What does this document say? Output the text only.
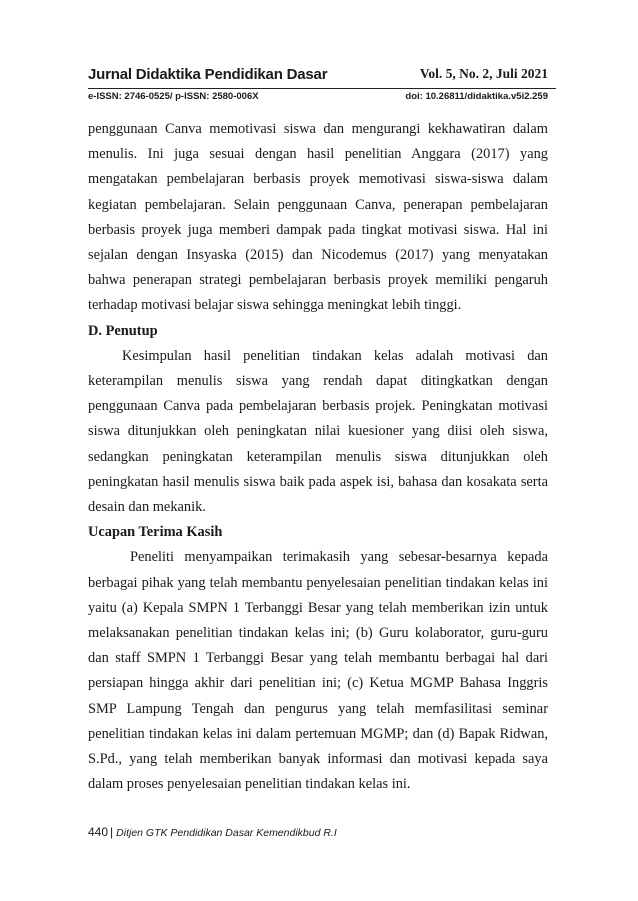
Jurnal Didaktika Pendidikan Dasar	Vol. 5, No. 2, Juli 2021
e-ISSN: 2746-0525/ p-ISSN: 2580-006X	doi: 10.26811/didaktika.v5i2.259

penggunaan Canva memotivasi siswa dan mengurangi kekhawatiran dalam menulis. Ini juga sesuai dengan hasil penelitian Anggara (2017) yang mengatakan pembelajaran berbasis proyek memotivasi siswa-siswa dalam kegiatan pembelajaran. Selain penggunaan Canva, penerapan pembelajaran berbasis proyek juga memberi dampak pada tingkat motivasi siswa. Hal ini sejalan dengan Insyaska (2015) dan Nicodemus (2017) yang menyatakan bahwa penerapan strategi pembelajaran berbasis proyek memiliki pengaruh terhadap motivasi belajar siswa sehingga meningkat lebih tinggi.

D. Penutup

Kesimpulan hasil penelitian tindakan kelas adalah motivasi dan keterampilan menulis siswa yang rendah dapat ditingkatkan dengan penggunaan Canva pada pembelajaran berbasis projek. Peningkatan motivasi siswa ditunjukkan oleh peningkatan nilai kuesioner yang diisi oleh siswa, sedangkan peningkatan keterampilan menulis siswa ditunjukkan oleh peningkatan hasil menulis siswa baik pada aspek isi, bahasa dan kosakata serta desain dan mekanik.

Ucapan Terima Kasih

Peneliti menyampaikan terimakasih yang sebesar-besarnya kepada berbagai pihak yang telah membantu penyelesaian penelitian tindakan kelas ini yaitu (a) Kepala SMPN 1 Terbanggi Besar yang telah memberikan izin untuk melaksanakan penelitian tindakan kelas ini; (b) Guru kolaborator, guru-guru dan staff SMPN 1 Terbanggi Besar yang telah membantu berbagai hal dari persiapan hingga akhir dari penelitian ini; (c) Ketua MGMP Bahasa Inggris SMP Lampung Tengah dan pengurus yang telah memfasilitasi seminar penelitian tindakan kelas ini dalam pertemuan MGMP; dan (d) Bapak Ridwan, S.Pd., yang telah memberikan banyak informasi dan motivasi kepada saya dalam proses penyelesaian penelitian tindakan kelas ini.

440 | Ditjen GTK Pendidikan Dasar Kemendikbud R.I
